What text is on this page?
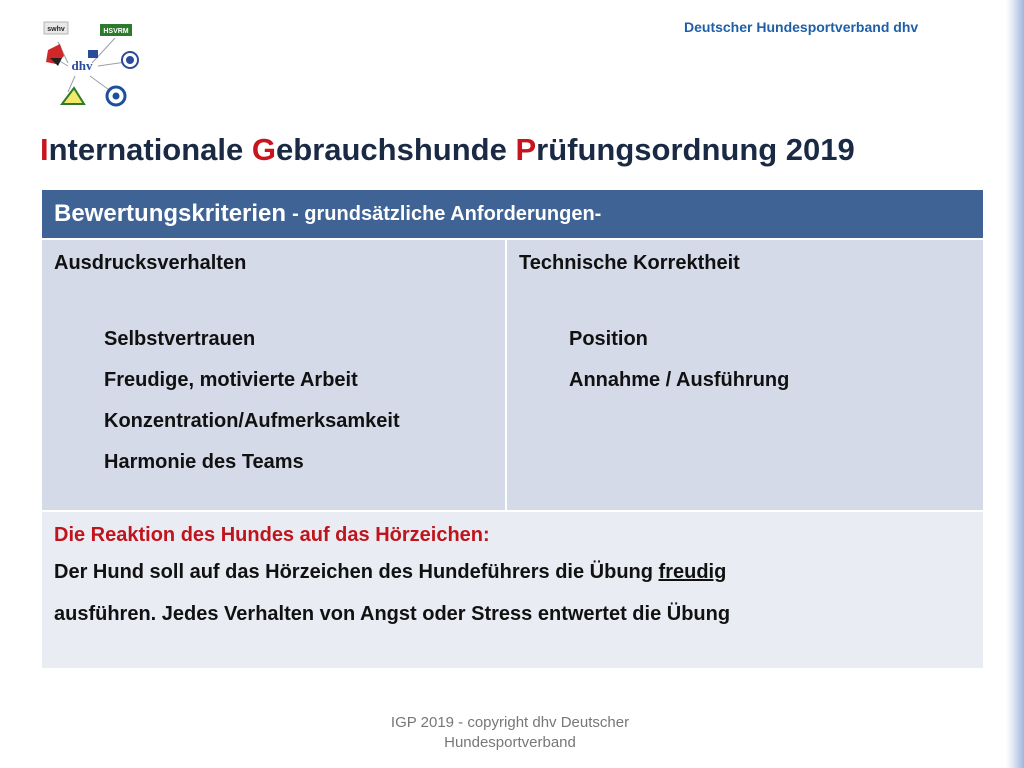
Deutscher Hundesportverband dhv
swhv	HSVRM
dhv
Internationale Gebrauchshunde Prüfungsordnung 2019
Bewertungskriterien - grundsätzliche Anforderungen-
Ausdrucksverhalten
Selbstvertrauen
Freudige, motivierte Arbeit
Konzentration/Aufmerksamkeit
Harmonie des Teams
Technische Korrektheit
Position
Annahme / Ausführung
Die Reaktion des Hundes auf das Hörzeichen:
Der Hund soll auf das Hörzeichen des Hundeführers die Übung freudig
ausführen. Jedes Verhalten von Angst oder Stress entwertet die Übung
IGP 2019 - copyright dhv Deutscher
Hundesportverband
